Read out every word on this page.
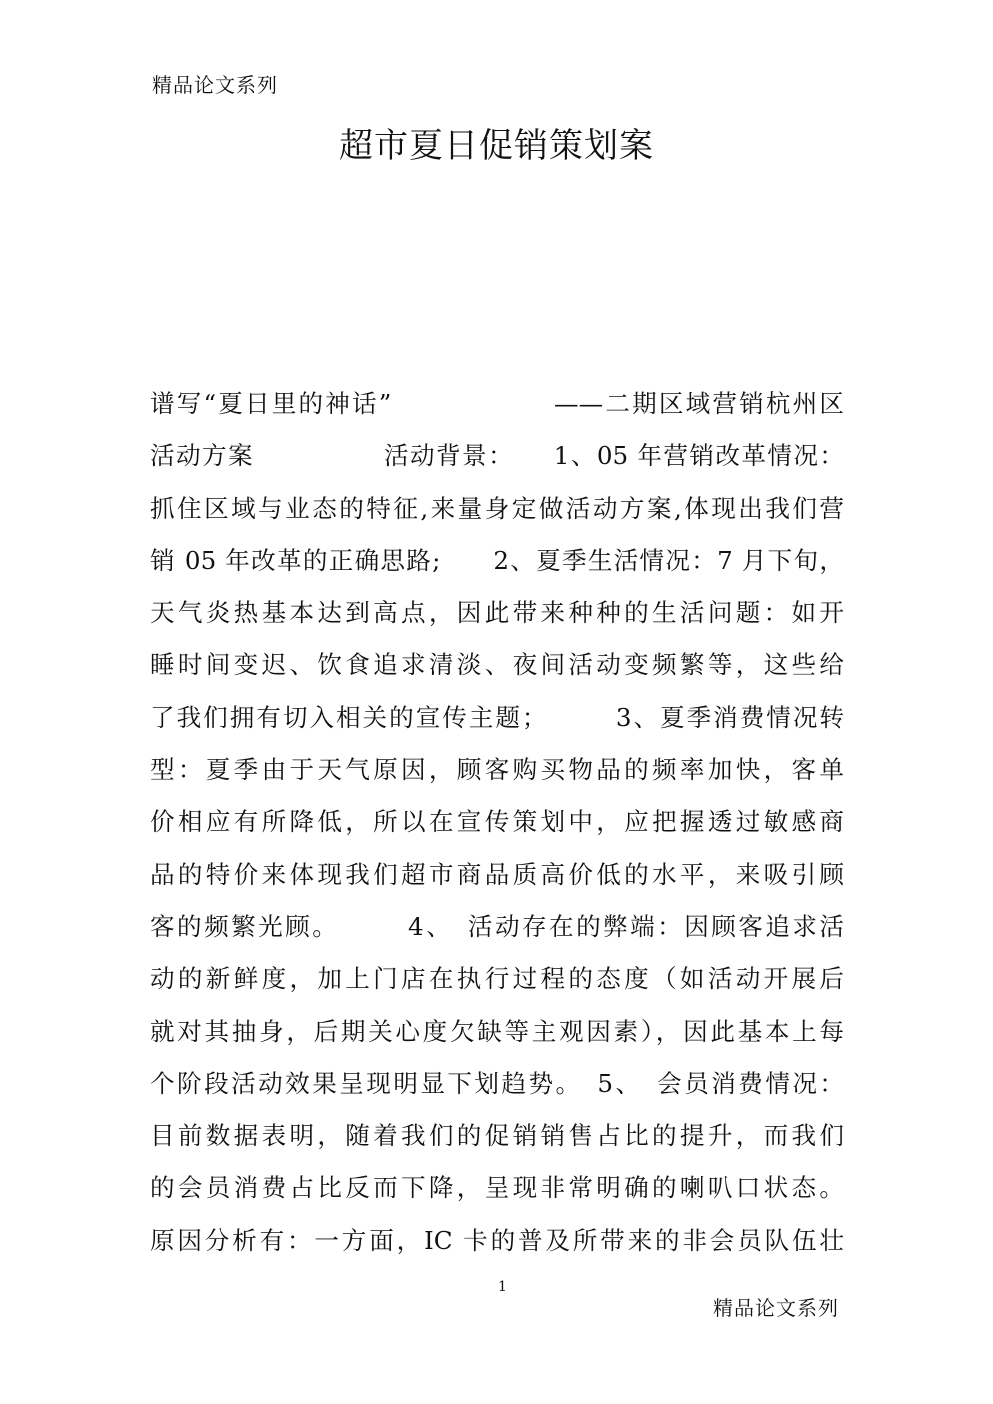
精品论文系列
超市夏日促销策划案
谱写“夏日里的神话”　　　　　　——二期区域营销杭州区
活动方案　　　　　活动背景：　　1、05 年营销改革情况：
抓住区域与业态的特征,来量身定做活动方案,体现出我们营
销 05 年改革的正确思路;　　2、夏季生活情况：7 月下旬，
天气炎热基本达到高点，因此带来种种的生活问题：如开
睡时间变迟、饮食追求清淡、夜间活动变频繁等，这些给
了我们拥有切入相关的宣传主题；　　　3、夏季消费情况转
型：夏季由于天气原因，顾客购买物品的频率加快，客单
价相应有所降低，所以在宣传策划中，应把握透过敏感商
品的特价来体现我们超市商品质高价低的水平，来吸引顾
客的频繁光顾。　　　4、　活动存在的弊端：因顾客追求活
动的新鲜度，加上门店在执行过程的态度（如活动开展后
就对其抽身，后期关心度欠缺等主观因素），因此基本上每
个阶段活动效果呈现明显下划趋势。　5、　会员消费情况：
目前数据表明，随着我们的促销销售占比的提升，而我们
的会员消费占比反而下降，呈现非常明确的喇叭口状态。
原因分析有：一方面，IC 卡的普及所带来的非会员队伍壮
1
精品论文系列
